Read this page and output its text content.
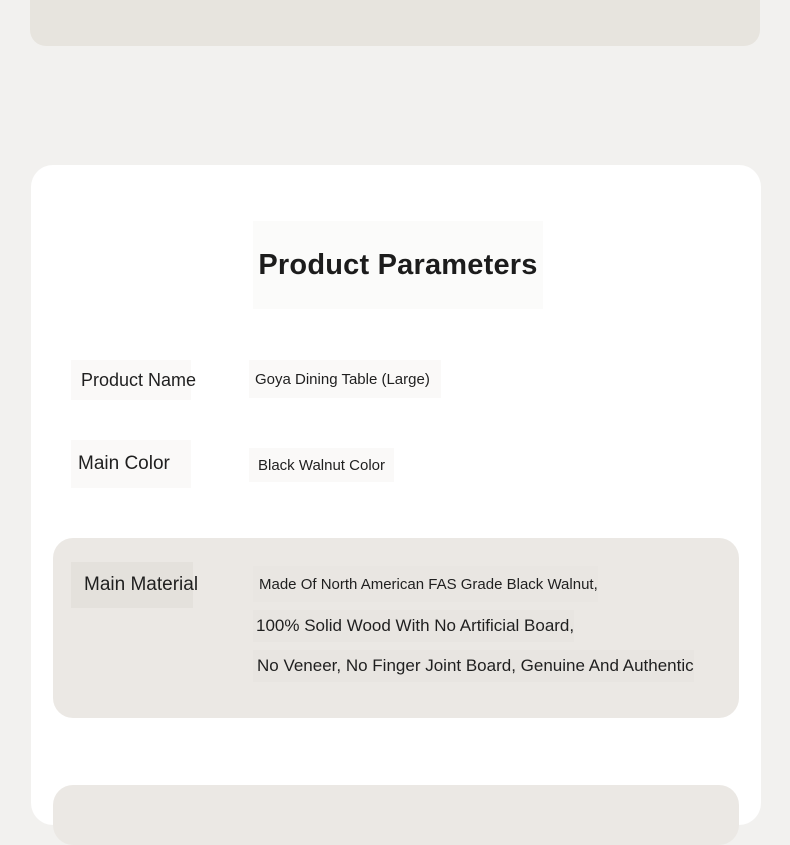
Product Parameters
Product Name	Goya Dining Table (Large)
Main Color	Black Walnut Color
Main Material	Made Of North American FAS Grade Black Walnut,
100% Solid Wood With No Artificial Board,
No Veneer, No Finger Joint Board, Genuine And Authentic
